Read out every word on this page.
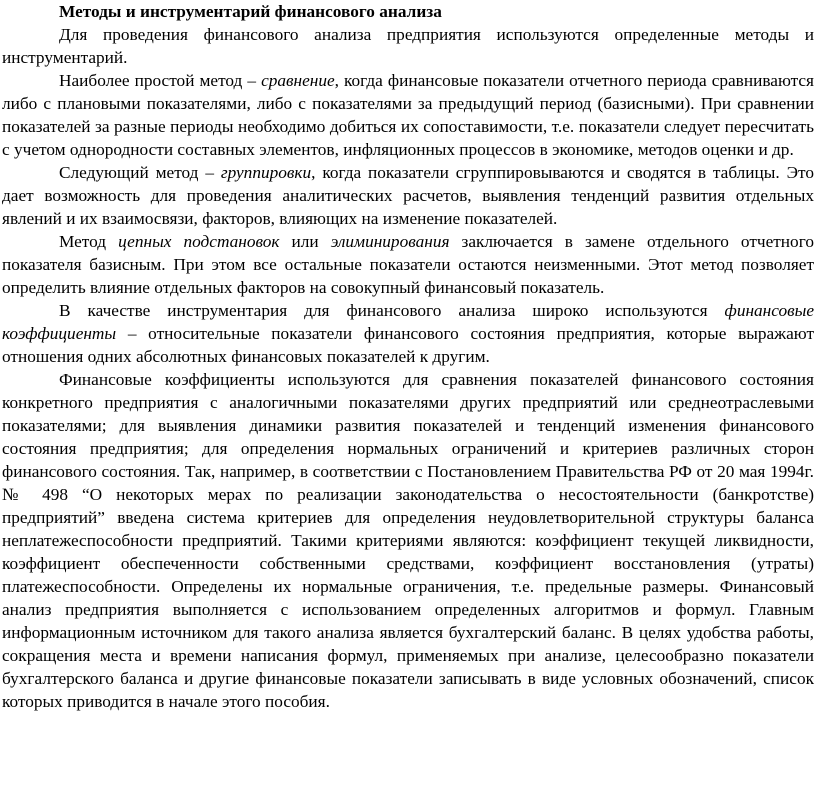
Методы и инструментарий финансового анализа

Для проведения финансового анализа предприятия используются определенные методы и инструментарий.

Наиболее простой метод – сравнение, когда финансовые показатели отчетного периода сравниваются либо с плановыми показателями, либо с показателями за предыдущий период (базисными). При сравнении показателей за разные периоды необходимо добиться их сопоставимости, т.е. показатели следует пересчитать с учетом однородности составных элементов, инфляционных процессов в экономике, методов оценки и др.

Следующий метод – группировки, когда показатели сгруппировываются и сводятся в таблицы. Это дает возможность для проведения аналитических расчетов, выявления тенденций развития отдельных явлений и их взаимосвязи, факторов, влияющих на изменение показателей.

Метод цепных подстановок или элиминирования заключается в замене отдельного отчетного показателя базисным. При этом все остальные показатели остаются неизменными. Этот метод позволяет определить влияние отдельных факторов на совокупный финансовый показатель.

В качестве инструментария для финансового анализа широко используются финансовые коэффициенты – относительные показатели финансового состояния предприятия, которые выражают отношения одних абсолютных финансовых показателей к другим.

Финансовые коэффициенты используются для сравнения показателей финансового состояния конкретного предприятия с аналогичными показателями других предприятий или среднеотраслевыми показателями; для выявления динамики развития показателей и тенденций изменения финансового состояния предприятия; для определения нормальных ограничений и критериев различных сторон финансового состояния. Так, например, в соответствии с Постановлением Правительства РФ от 20 мая 1994г. № 498 “О некоторых мерах по реализации законодательства о несостоятельности (банкротстве) предприятий” введена система критериев для определения неудовлетворительной структуры баланса неплатежеспособности предприятий. Такими критериями являются: коэффициент текущей ликвидности, коэффициент обеспеченности собственными средствами, коэффициент восстановления (утраты) платежеспособности. Определены их нормальные ограничения, т.е. предельные размеры. Финансовый анализ предприятия выполняется с использованием определенных алгоритмов и формул. Главным информационным источником для такого анализа является бухгалтерский баланс. В целях удобства работы, сокращения места и времени написания формул, применяемых при анализе, целесообразно показатели бухгалтерского баланса и другие финансовые показатели записывать в виде условных обозначений, список которых приводится в начале этого пособия.
